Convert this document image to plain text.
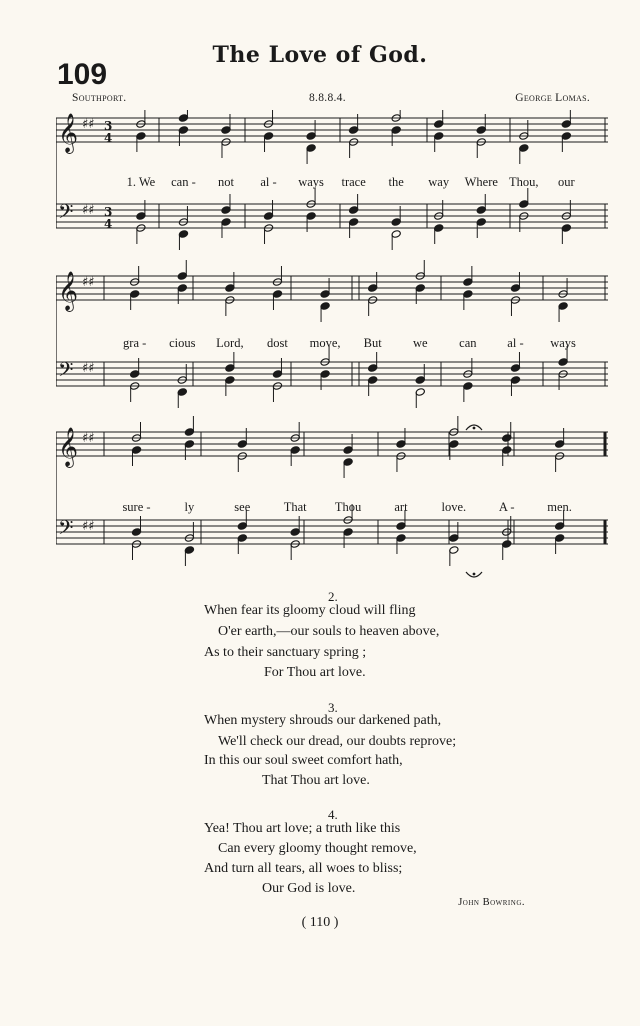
The Love of God.
109
Southport.	8.8.8.4.	George Lomas.
𝄞 ♯♯ 3
4
𝄢 ♯♯ 3
4
1. We can - not al - ways trace the way Where Thou, our
𝄞 ♯♯
𝄢 ♯♯
gra - cious Lord, dost move, But	we	can al - ways
𝄞 ♯♯
𝄢 ♯♯
sure -	ly	see	That Thou	art	love.	A -	men.
2.
When fear its gloomy cloud will fling
O'er earth,—our souls to heaven above,
As to their sanctuary spring ;
For Thou art love.
3.
When mystery shrouds our darkened path,
We'll check our dread, our doubts reprove;
In this our soul sweet comfort hath,
That Thou art love.
4.
Yea! Thou art love; a truth like this
Can every gloomy thought remove,
And turn all tears, all woes to bliss;
Our God is love.
John Bowring.
( 110 )
